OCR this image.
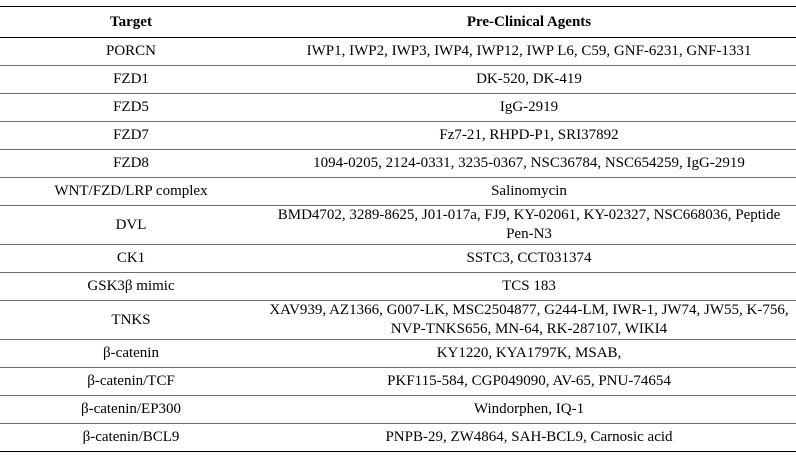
Target	Pre-Clinical Agents
PORCN	IWP1, IWP2, IWP3, IWP4, IWP12, IWP L6, C59, GNF-6231, GNF-1331
FZD1	DK-520, DK-419
FZD5	IgG-2919
FZD7	Fz7-21, RHPD-P1, SRI37892
FZD8	1094-0205, 2124-0331, 3235-0367, NSC36784, NSC654259, IgG-2919
WNT/FZD/LRP complex	Salinomycin
DVL	BMD4702, 3289-8625, J01-017a, FJ9, KY-02061, KY-02327, NSC668036, Peptide Pen-N3
CK1	SSTC3, CCT031374
GSK3β mimic	TCS 183
TNKS	XAV939, AZ1366, G007-LK, MSC2504877, G244-LM, IWR-1, JW74, JW55, K-756, NVP-TNKS656, MN-64, RK-287107, WIKI4
β-catenin	KY1220, KYA1797K, MSAB,
β-catenin/TCF	PKF115-584, CGP049090, AV-65, PNU-74654
β-catenin/EP300	Windorphen, IQ-1
β-catenin/BCL9	PNPB-29, ZW4864, SAH-BCL9, Carnosic acid
